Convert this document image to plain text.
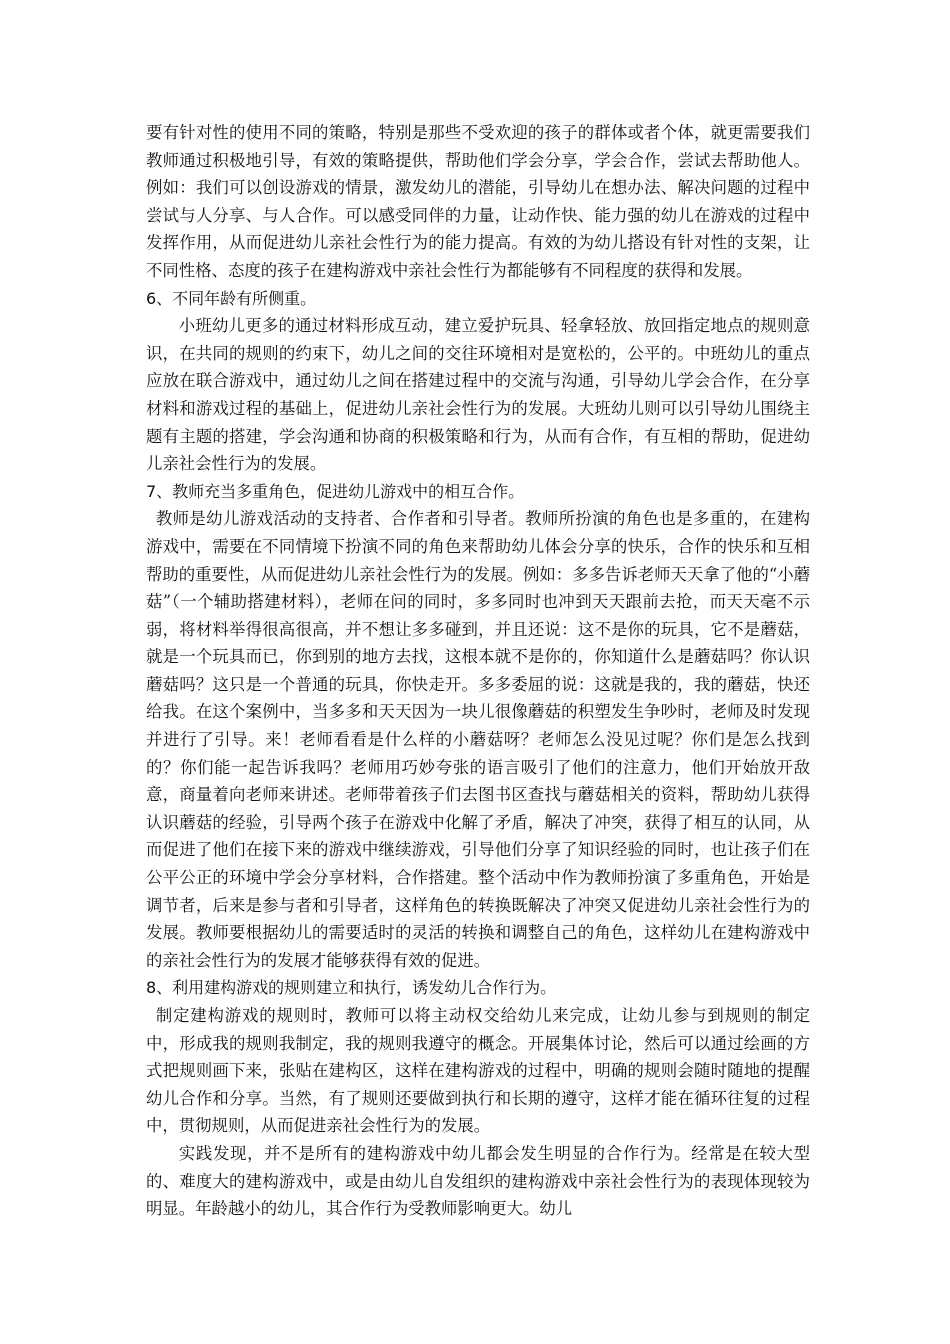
要有针对性的使用不同的策略，特别是那些不受欢迎的孩子的群体或者个体，就更需要我们教师通过积极地引导，有效的策略提供，帮助他们学会分享，学会合作，尝试去帮助他人。例如：我们可以创设游戏的情景，激发幼儿的潜能，引导幼儿在想办法、解决问题的过程中尝试与人分享、与人合作。可以感受同伴的力量，让动作快、能力强的幼儿在游戏的过程中发挥作用，从而促进幼儿亲社会性行为的能力提高。有效的为幼儿搭设有针对性的支架，让不同性格、态度的孩子在建构游戏中亲社会性行为都能够有不同程度的获得和发展。

6、不同年龄有所侧重。

小班幼儿更多的通过材料形成互动，建立爱护玩具、轻拿轻放、放回指定地点的规则意识，在共同的规则的约束下，幼儿之间的交往环境相对是宽松的，公平的。中班幼儿的重点应放在联合游戏中，通过幼儿之间在搭建过程中的交流与沟通，引导幼儿学会合作，在分享材料和游戏过程的基础上，促进幼儿亲社会性行为的发展。大班幼儿则可以引导幼儿围绕主题有主题的搭建，学会沟通和协商的积极策略和行为，从而有合作，有互相的帮助，促进幼儿亲社会性行为的发展。

7、教师充当多重角色，促进幼儿游戏中的相互合作。

教师是幼儿游戏活动的支持者、合作者和引导者。教师所扮演的角色也是多重的，在建构游戏中，需要在不同情境下扮演不同的角色来帮助幼儿体会分享的快乐，合作的快乐和互相帮助的重要性，从而促进幼儿亲社会性行为的发展。例如：多多告诉老师天天拿了他的“小蘑菇”（一个辅助搭建材料），老师在问的同时，多多同时也冲到天天跟前去抢，而天天毫不示弱，将材料举得很高很高，并不想让多多碰到，并且还说：这不是你的玩具，它不是蘑菇，就是一个玩具而已，你到别的地方去找，这根本就不是你的，你知道什么是蘑菇吗？你认识蘑菇吗？这只是一个普通的玩具，你快走开。多多委屈的说：这就是我的，我的蘑菇，快还给我。在这个案例中，当多多和天天因为一块儿很像蘑菇的积塑发生争吵时，老师及时发现并进行了引导。来！老师看看是什么样的小蘑菇呀？老师怎么没见过呢？你们是怎么找到的？你们能一起告诉我吗？老师用巧妙夸张的语言吸引了他们的注意力，他们开始放开敌意，商量着向老师来讲述。老师带着孩子们去图书区查找与蘑菇相关的资料，帮助幼儿获得认识蘑菇的经验，引导两个孩子在游戏中化解了矛盾，解决了冲突，获得了相互的认同，从而促进了他们在接下来的游戏中继续游戏，引导他们分享了知识经验的同时，也让孩子们在公平公正的环境中学会分享材料，合作搭建。整个活动中作为教师扮演了多重角色，开始是调节者，后来是参与者和引导者，这样角色的转换既解决了冲突又促进幼儿亲社会性行为的发展。教师要根据幼儿的需要适时的灵活的转换和调整自己的角色，这样幼儿在建构游戏中的亲社会性行为的发展才能够获得有效的促进。

8、利用建构游戏的规则建立和执行，诱发幼儿合作行为。

制定建构游戏的规则时，教师可以将主动权交给幼儿来完成，让幼儿参与到规则的制定中，形成我的规则我制定，我的规则我遵守的概念。开展集体讨论，然后可以通过绘画的方式把规则画下来，张贴在建构区，这样在建构游戏的过程中，明确的规则会随时随地的提醒幼儿合作和分享。当然，有了规则还要做到执行和长期的遵守，这样才能在循环往复的过程中，贯彻规则，从而促进亲社会性行为的发展。

实践发现，并不是所有的建构游戏中幼儿都会发生明显的合作行为。经常是在较大型的、难度大的建构游戏中，或是由幼儿自发组织的建构游戏中亲社会性行为的表现体现较为明显。年龄越小的幼儿，其合作行为受教师影响更大。幼儿
